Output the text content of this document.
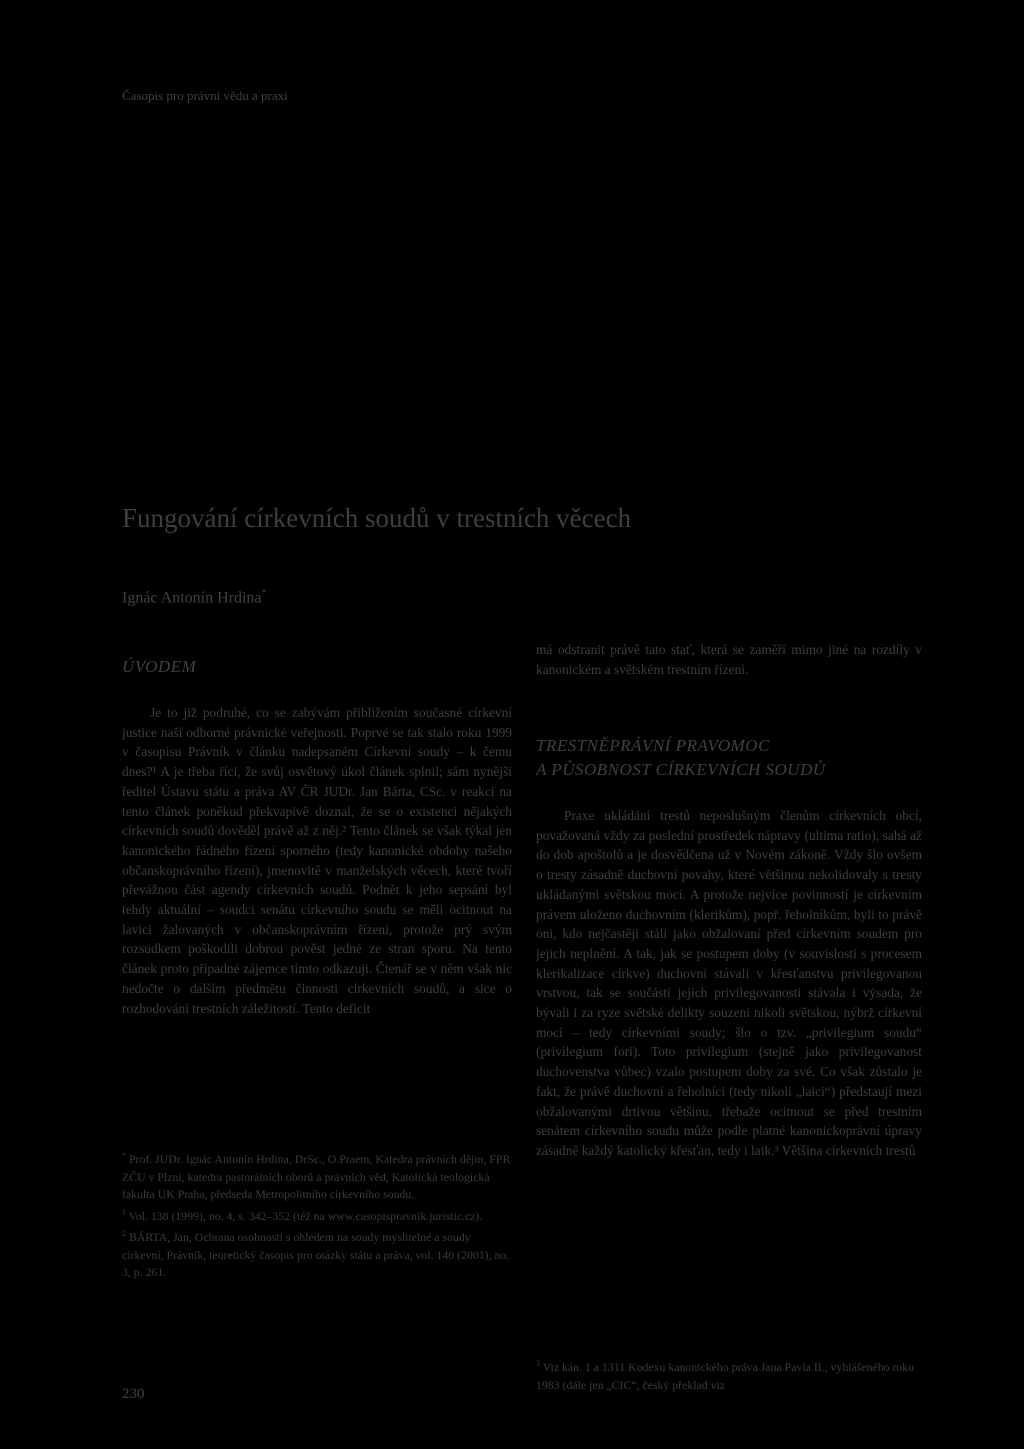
Časopis pro právní vědu a praxi
Fungování církevních soudů v trestních věcech
Ignác Antonín Hrdina*
ÚVODEM
Je to již podruhé, co se zabývám přiblížením současné církevní justice naší odborné právnické veřejnosti. Poprvé se tak stalo roku 1999 v časopisu Právník v článku nadepsaném Církevní soudy – k čemu dnes?¹ A je třeba říci, že svůj osvětový úkol článek splnil; sám nynější ředitel Ústavu státu a práva AV ČR JUDr. Jan Bárta, CSc. v reakci na tento článek poněkud překvapivě doznal, že se o existenci nějakých církevních soudů dověděl právě až z něj.² Tento článek se však týkal jen kanonického řádného řízení sporného (tedy kanonické obdoby našeho občanskoprávního řízení), jmenovitě v manželských věcech, které tvoří převážnou část agendy církevních soudů. Podnět k jeho sepsání byl tehdy aktuální – soudci senátu církevního soudu se měli ocitnout na lavici žalovaných v občanskoprávním řízení, protože prý svým rozsudkem poškodili dobrou pověst jedné ze stran sporu. Na tento článek proto případné zájemce tímto odkazuji. Čtenář se v něm však nic nedočte o dalším předmětu činnosti církevních soudů, a sice o rozhodování trestních záležitostí. Tento deficit

* Prof. JUDr. Ignác Antonín Hrdina, DrSc., O.Praem, Katedra právních dějin, FPR ZČU v Plzni, katedra pastorálních oborů a právních věd, Katolická teologická fakulta UK Praha, předseda Metropolitního církevního soudu.

$^1$ Vol. 138 (1999), no. 4, s. 342–352 (též na www.casopispravnik.juristic.cz).

$^2$ BÁRTA, Jan, Ochrana osobnosti s ohledem na soudy myslitelné a soudy církevní, Právník, teoretický časopis pro otázky státu a práva, vol. 140 (2001), no. 3, p. 261.

má odstranit právě tato stať, která se zaměří mimo jiné na rozdíly v kanonickém a světském trestním řízení.
TRESTNĚPRÁVNÍ PRAVOMOC
A PŮSOBNOST CÍRKEVNÍCH SOUDŮ
Praxe ukládání trestů neposlušným členům církevních obcí, považovaná vždy za poslední prostředek nápravy (ultima ratio), sahá až do dob apoštolů a je dosvědčena už v Novém zákoně. Vždy šlo ovšem o tresty zásadně duchovní povahy, které většinou nekolidovaly s tresty ukládanými světskou mocí. A protože nejvíce povinností je církevním právem uloženo duchovním (klerikům), popř. řeholníkům, byli to právě oni, kdo nejčastěji stáli jako obžalovaní před církevním soudem pro jejich neplnění. A tak, jak se postupem doby (v souvislosti s procesem klerikalizace církve) duchovní stávali v křesťanstvu privilegovanou vrstvou, tak se součástí jejich privilegovanosti stávala i výsada, že bývali i za ryze světské delikty souzeni nikoli světskou, nýbrž církevní mocí – tedy církevními soudy; šlo o tzv. „privilegium soudu“ (privilegium fori). Toto privilegium (stejně jako privilegovanost duchovenstva vůbec) vzalo postupem doby za své. Co však zůstalo je fakt, že právě duchovní a řeholníci (tedy nikoli „laici“) předstaují mezi obžalovanými drtivou většinu, třebaže ocitnout se před trestním senátem církevního soudu může podle platné kanonickoprávní úpravy zásadně každý katolický křesťan, tedy i laik.³ Většina církevních trestů

$^3$ Viz kán. 1 a 1311 Kodexu kanonického práva Jana Pavla II., vyhlášeného roku 1983 (dále jen „CIC“, český překlad viz

230
